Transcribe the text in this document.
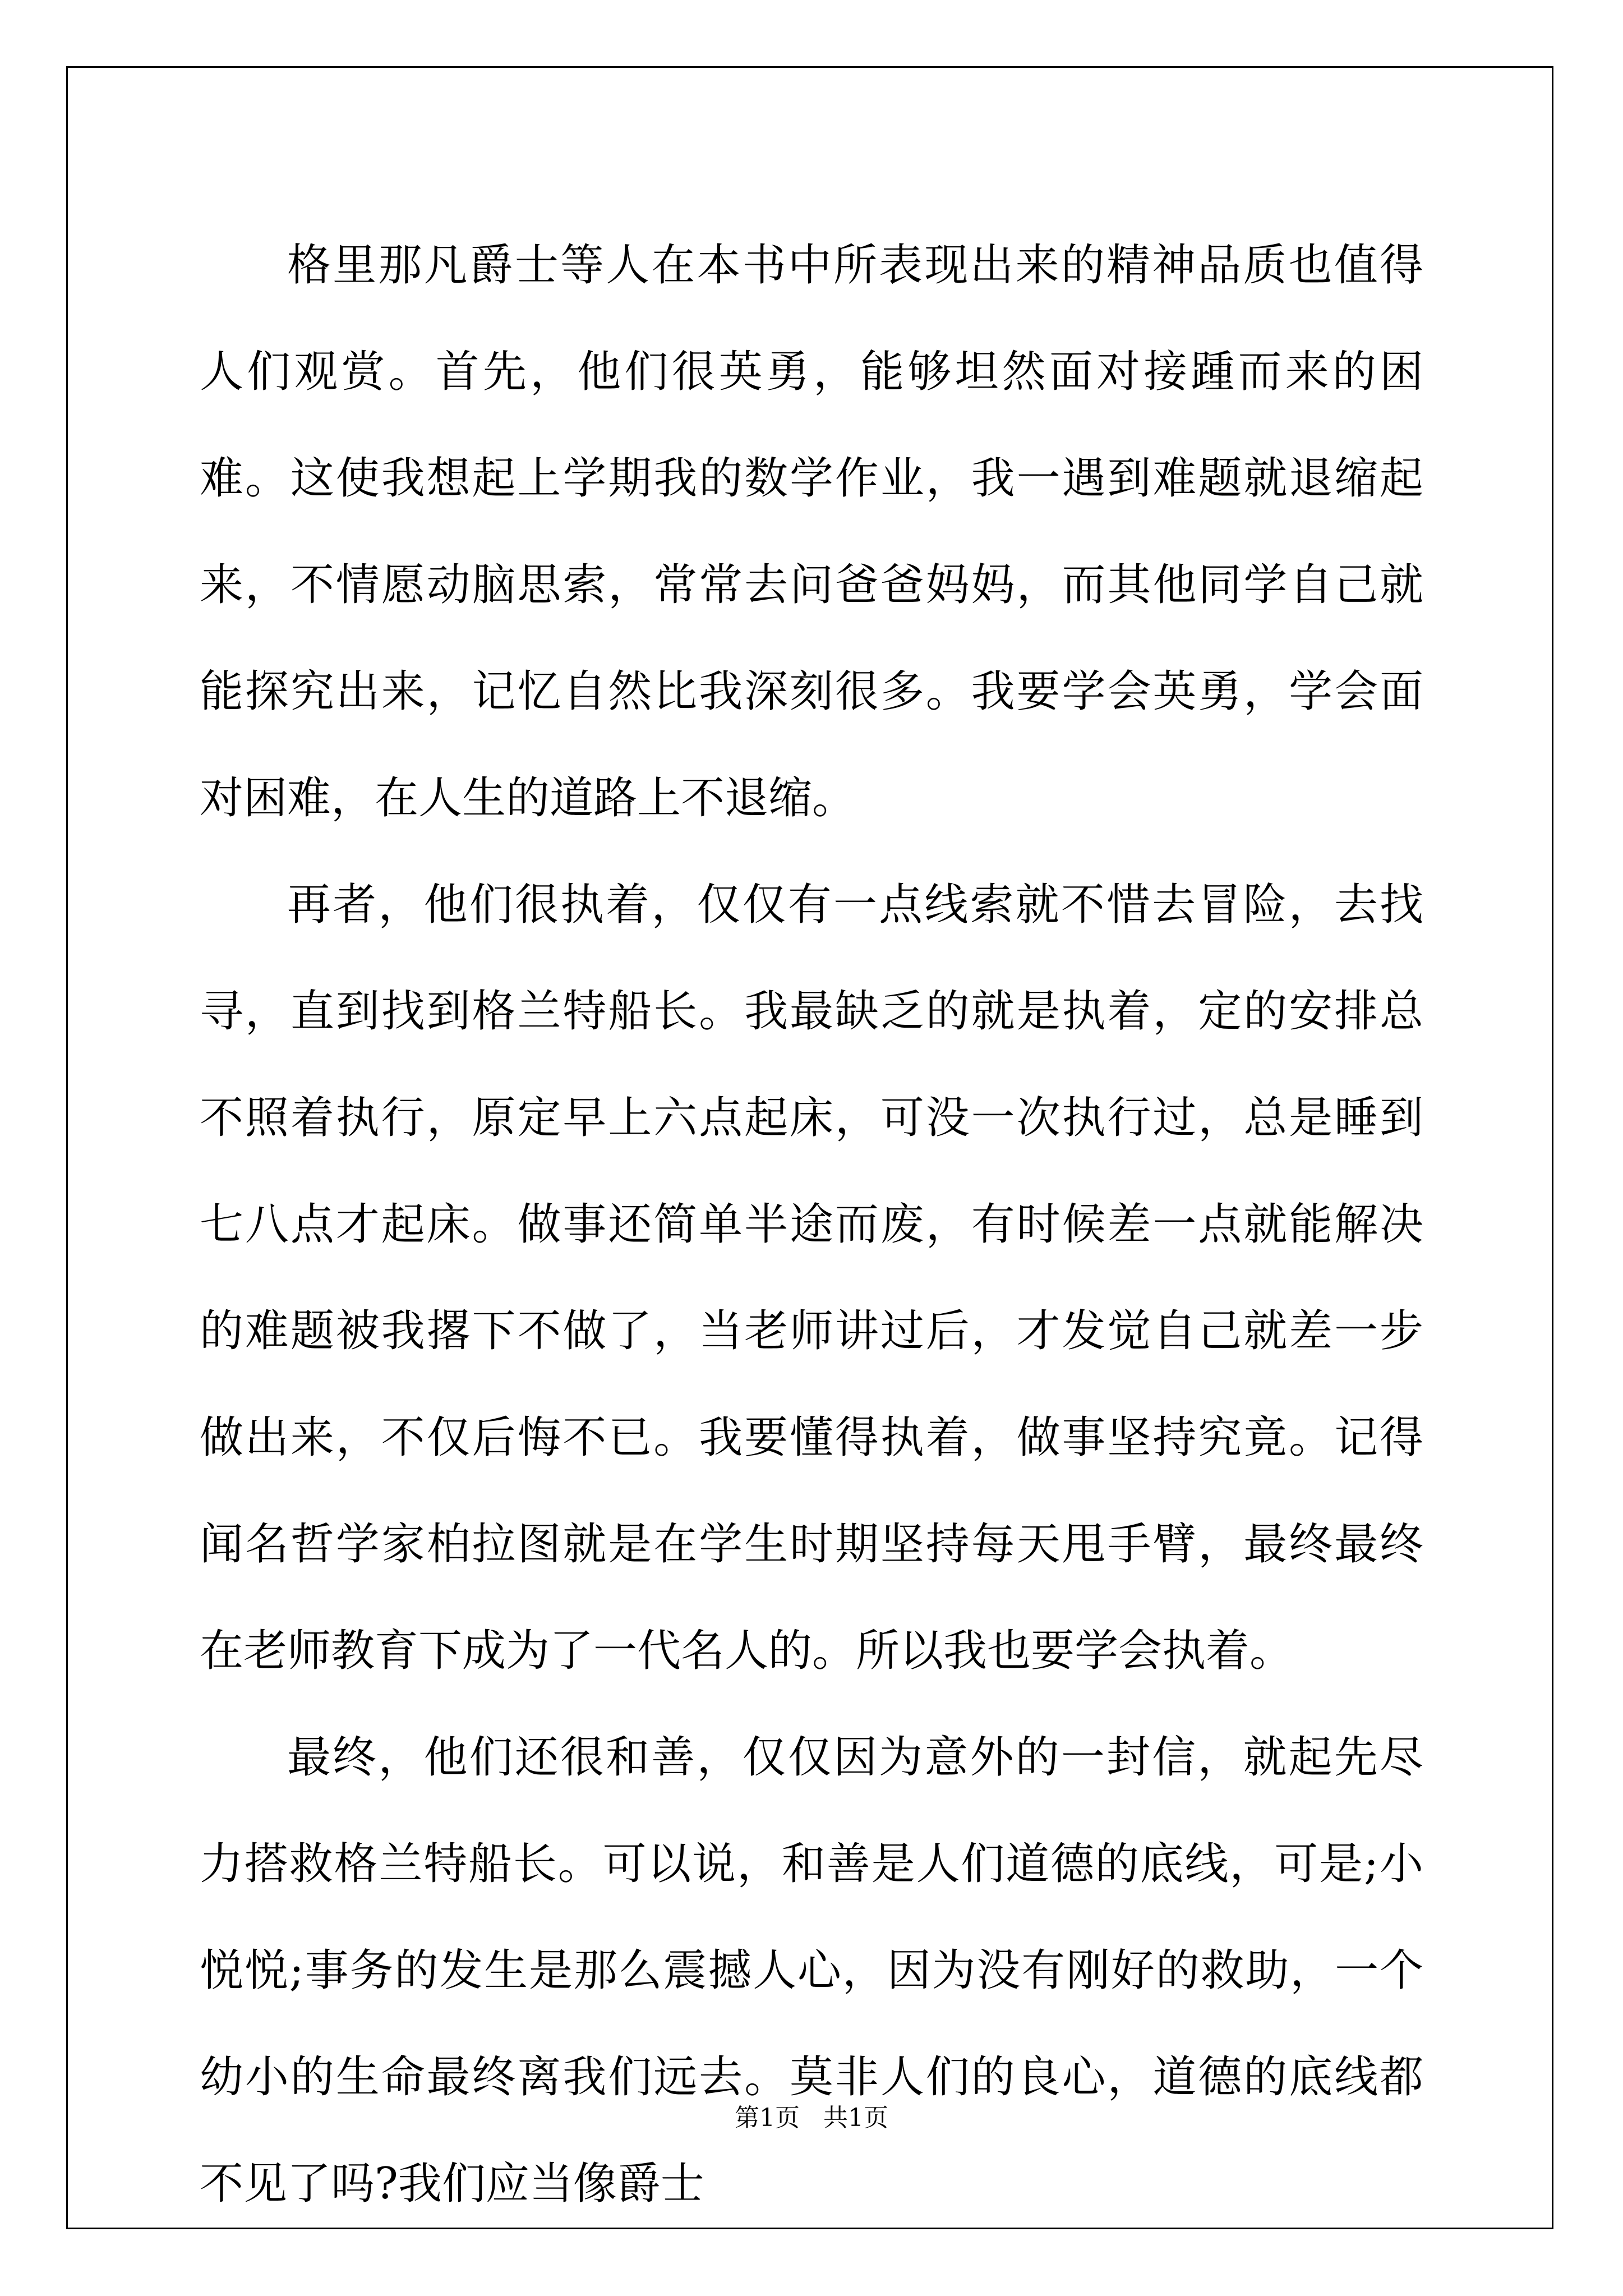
格里那凡爵士等人在本书中所表现出来的精神品质也值得人们观赏。首先，他们很英勇，能够坦然面对接踵而来的困难。这使我想起上学期我的数学作业，我一遇到难题就退缩起来，不情愿动脑思索，常常去问爸爸妈妈，而其他同学自己就能探究出来，记忆自然比我深刻很多。我要学会英勇，学会面对困难，在人生的道路上不退缩。

再者，他们很执着，仅仅有一点线索就不惜去冒险，去找寻，直到找到格兰特船长。我最缺乏的就是执着，定的安排总不照着执行，原定早上六点起床，可没一次执行过，总是睡到七八点才起床。做事还简单半途而废，有时候差一点就能解决的难题被我撂下不做了，当老师讲过后，才发觉自己就差一步做出来，不仅后悔不已。我要懂得执着，做事坚持究竟。记得闻名哲学家柏拉图就是在学生时期坚持每天甩手臂，最终最终在老师教育下成为了一代名人的。所以我也要学会执着。

最终，他们还很和善，仅仅因为意外的一封信，就起先尽力搭救格兰特船长。可以说，和善是人们道德的底线，可是;小悦悦;事务的发生是那么震撼人心，因为没有刚好的救助，一个幼小的生命最终离我们远去。莫非人们的良心，道德的底线都不见了吗?我们应当像爵士

第1页   共1页
